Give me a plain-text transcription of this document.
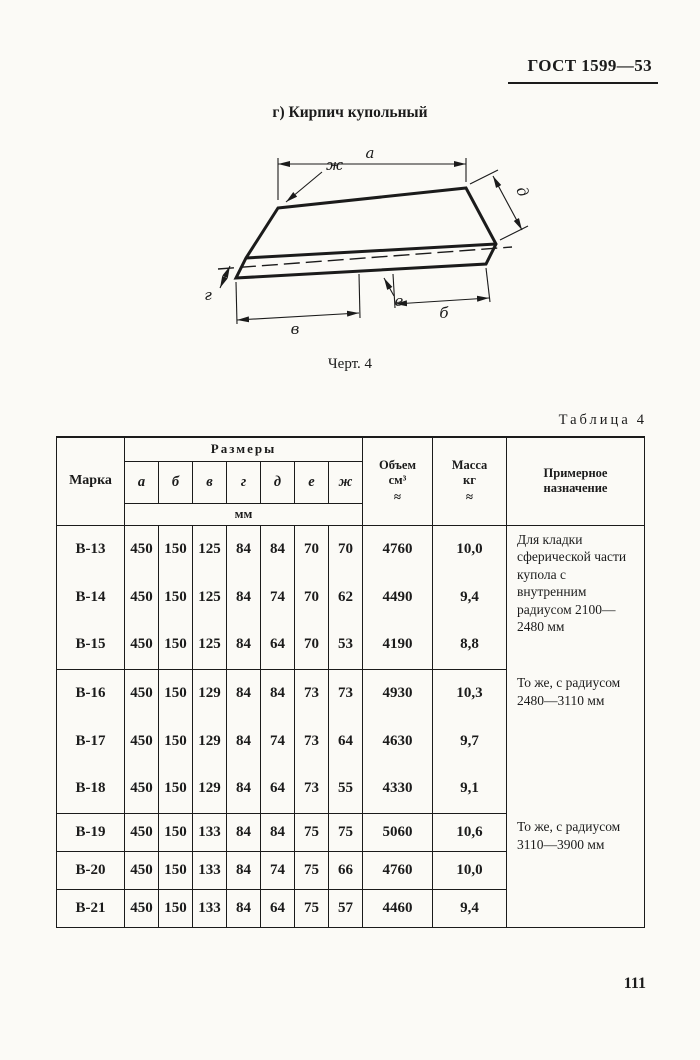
ГОСТ 1599—53
г) Кирпич купольный
а
ж
д
г
в
е
б
Черт. 4
Таблица 4
Марка	Размеры							Объем
см³
≈	Масса
кг
≈	Примерное
назначение

	а	б	в	г	д	е	ж			
	мм									
В-13	450	150	125	84	84	70	70	4760	10,0	Для кладки сферической части купола с внутренним радиусом 2100—2480 мм
В-14	450	150	125	84	74	70	62	4490	9,4	
В-15	450	150	125	84	64	70	53	4190	8,8	
В-16	450	150	129	84	84	73	73	4930	10,3	То же, с радиусом 2480—3110 мм
В-17	450	150	129	84	74	73	64	4630	9,7	
В-18	450	150	129	84	64	73	55	4330	9,1	
В-19	450	150	133	84	84	75	75	5060	10,6	То же, с радиусом 3110—3900 мм
В-20	450	150	133	84	74	75	66	4760	10,0	
В-21	450	150	133	84	64	75	57	4460	9,4	
111
